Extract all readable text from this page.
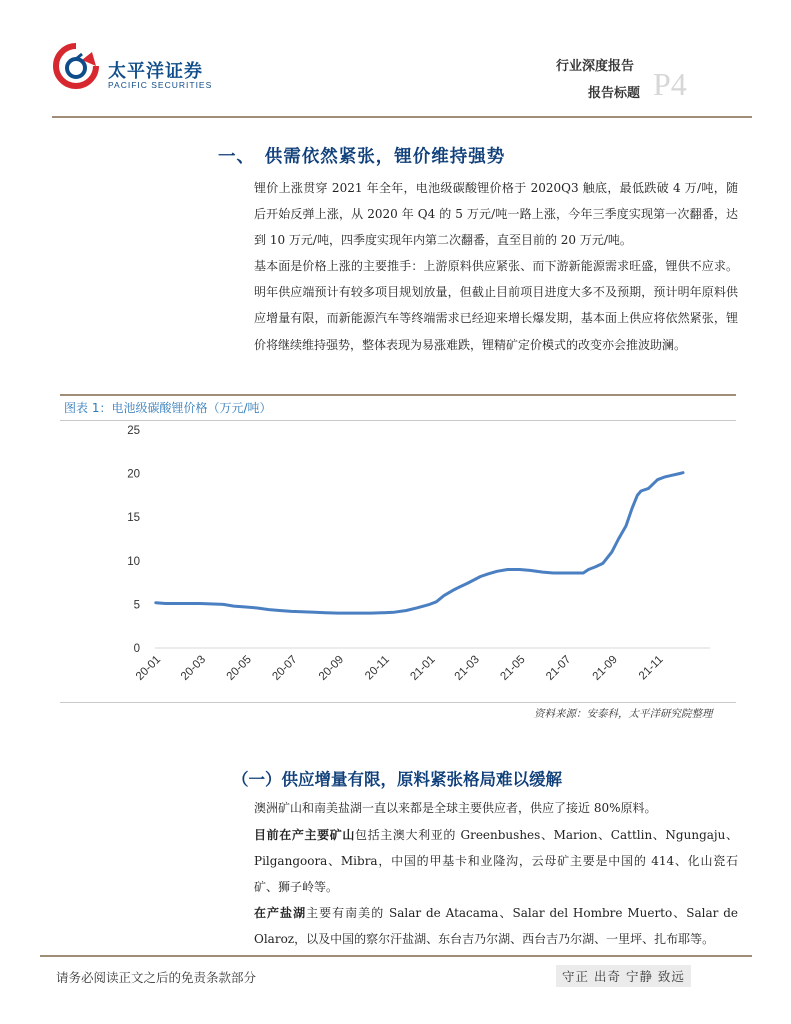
太平洋证券
PACIFIC SECURITIES
行业深度报告
报告标题 P4
一、　供需依然紧张，锂价维持强势
锂价上涨贯穿 2021 年全年，电池级碳酸锂价格于 2020Q3 触底，最低跌破 4 万/吨，随后开始反弹上涨，从 2020 年 Q4 的 5 万元/吨一路上涨，今年三季度实现第一次翻番，达到 10 万元/吨，四季度实现年内第二次翻番，直至目前的 20 万元/吨。
基本面是价格上涨的主要推手：上游原料供应紧张、而下游新能源需求旺盛，锂供不应求。明年供应端预计有较多项目规划放量，但截止目前项目进度大多不及预期，预计明年原料供应增量有限，而新能源汽车等终端需求已经迎来增长爆发期，基本面上供应将依然紧张，锂价将继续维持强势，整体表现为易涨难跌，锂精矿定价模式的改变亦会推波助澜。
图表 1：电池级碳酸锂价格（万元/吨）
0
5
10
15
20
25
20-01 20-03 20-05 20-07 20-09 20-11 21-01 21-03 21-05 21-07 21-09 21-11
资料来源：安泰科，太平洋研究院整理
（一）供应增量有限，原料紧张格局难以缓解
澳洲矿山和南美盐湖一直以来都是全球主要供应者，供应了接近 80%原料。
目前在产主要矿山包括主澳大利亚的 Greenbushes、Marion、Cattlin、Ngungaju、Pilgangoora、Mibra，中国的甲基卡和业隆沟，云母矿主要是中国的 414、化山瓷石矿、狮子岭等。
在产盐湖主要有南美的 Salar de Atacama、Salar del Hombre Muerto、Salar de Olaroz，以及中国的察尔汗盐湖、东台吉乃尔湖、西台吉乃尔湖、一里坪、扎布耶等。
请务必阅读正文之后的免责条款部分	守正 出奇 宁静 致远
